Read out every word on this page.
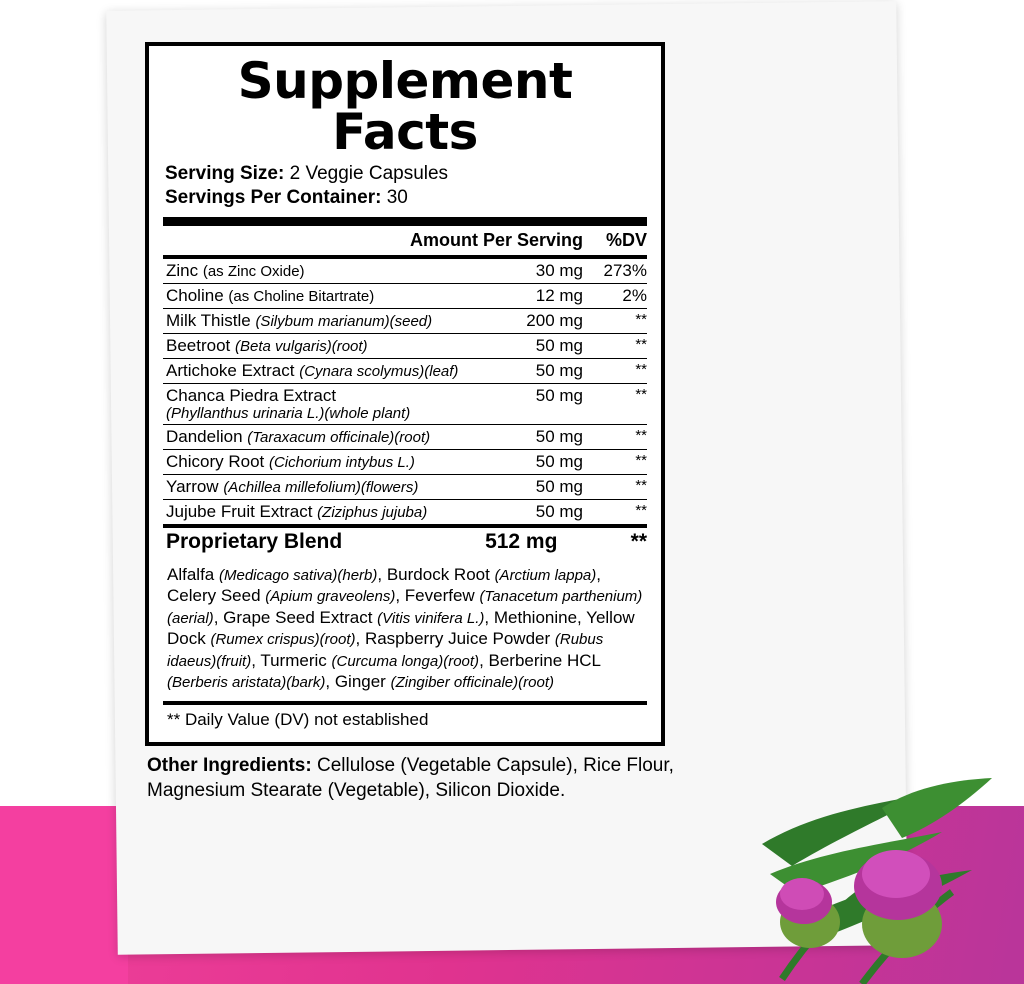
Supplement Facts
Serving Size: 2 Veggie Capsules
Servings Per Container: 30
	Amount Per Serving	%DV
Zinc (as Zinc Oxide)	30 mg	273%
Choline (as Choline Bitartrate)	12 mg	2%
Milk Thistle (Silybum marianum)(seed)	200 mg	**
Beetroot (Beta vulgaris)(root)	50 mg	**
Artichoke Extract (Cynara scolymus)(leaf)	50 mg	**
Chanca Piedra Extract
(Phyllanthus urinaria L.)(whole plant)	50 mg	**
Dandelion (Taraxacum officinale)(root)	50 mg	**
Chicory Root (Cichorium intybus L.)	50 mg	**
Yarrow (Achillea millefolium)(flowers)	50 mg	**
Jujube Fruit Extract (Ziziphus jujuba)	50 mg	**
Proprietary Blend	512 mg	**
Alfalfa (Medicago sativa)(herb), Burdock Root (Arctium lappa), Celery Seed (Apium graveolens), Feverfew (Tanacetum parthenium)(aerial), Grape Seed Extract (Vitis vinifera L.), Methionine, Yellow Dock (Rumex crispus)(root), Raspberry Juice Powder (Rubus idaeus)(fruit), Turmeric (Curcuma longa)(root), Berberine HCL (Berberis aristata)(bark), Ginger (Zingiber officinale)(root)
** Daily Value (DV) not established
Other Ingredients: Cellulose (Vegetable Capsule), Rice Flour, Magnesium Stearate (Vegetable), Silicon Dioxide.
